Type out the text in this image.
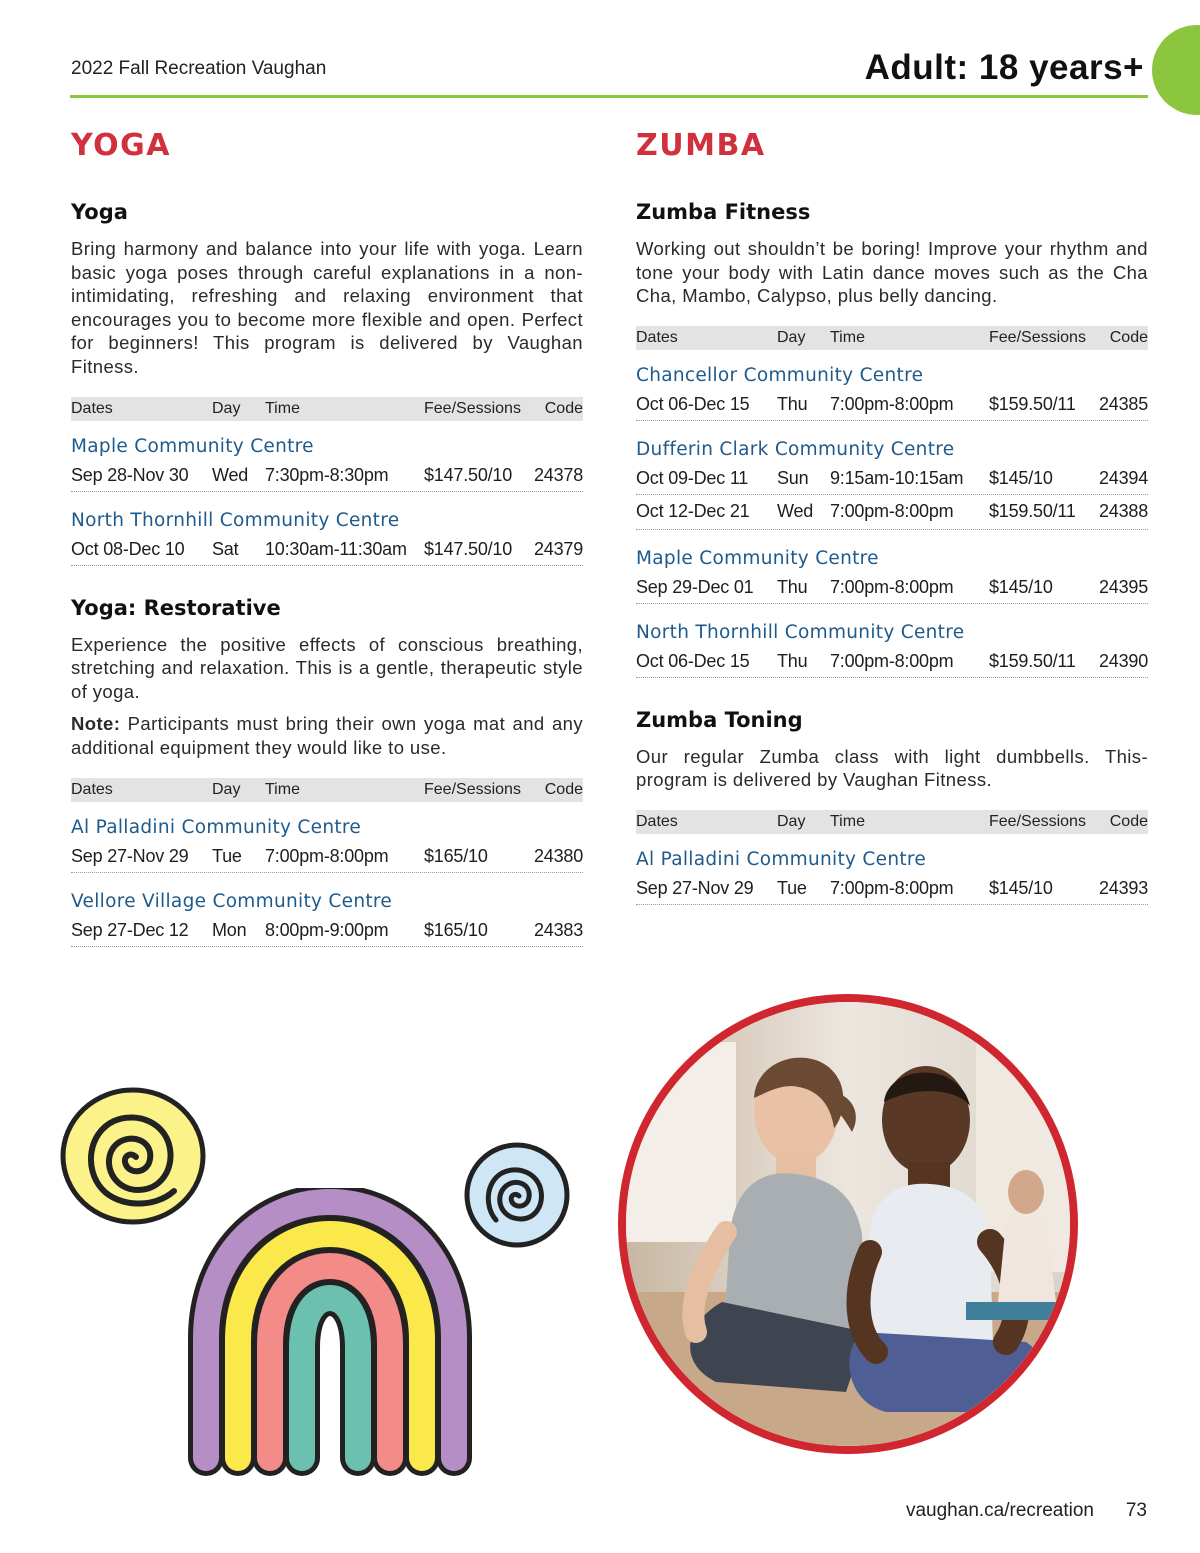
2022 Fall Recreation Vaughan	Adult: 18 years+
YOGA
Yoga

Bring harmony and balance into your life with yoga. Learn basic yoga poses through careful explanations in a non-intimidating, refreshing and relaxing environment that encourages you to become more flexible and open. Perfect for beginners! This program is delivered by Vaughan Fitness.

Dates	Day	Time	Fee/Sessions	Code
Maple Community Centre
Sep 28-Nov 30	Wed 7:30pm-8:30pm	$147.50/10	24378
North Thornhill Community Centre
Oct 08-Dec 10	Sat	10:30am-11:30am $147.50/10	24379
Yoga: Restorative

Experience the positive effects of conscious breathing, stretching and relaxation. This is a gentle, therapeutic style of yoga.

Note: Participants must bring their own yoga mat and any additional equipment they would like to use.

Dates	Day	Time	Fee/Sessions	Code
Al Palladini Community Centre
Sep 27-Nov 29	Tue	7:00pm-8:00pm	$165/10	24380
Vellore Village Community Centre
Sep 27-Dec 12	Mon	8:00pm-9:00pm	$165/10	24383
ZUMBA
Zumba Fitness

Working out shouldn’t be boring! Improve your rhythm and tone your body with Latin dance moves such as the Cha Cha, Mambo, Calypso, plus belly dancing.

Dates	Day	Time	Fee/Sessions	Code
Chancellor Community Centre
Oct 06-Dec 15	Thu	7:00pm-8:00pm	$159.50/11	24385
Dufferin Clark Community Centre
Oct 09-Dec 11	Sun	9:15am-10:15am	$145/10	24394
Oct 12-Dec 21	Wed 7:00pm-8:00pm	$159.50/11	24388
Maple Community Centre
Sep 29-Dec 01	Thu	7:00pm-8:00pm	$145/10	24395
North Thornhill Community Centre
Oct 06-Dec 15	Thu	7:00pm-8:00pm	$159.50/11	24390
Zumba Toning

Our regular Zumba class with light dumbbells. This-program is delivered by Vaughan Fitness.

Dates	Day	Time	Fee/Sessions	Code
Al Palladini Community Centre
Sep 27-Nov 29	Tue	7:00pm-8:00pm	$145/10	24393
vaughan.ca/recreation 73
